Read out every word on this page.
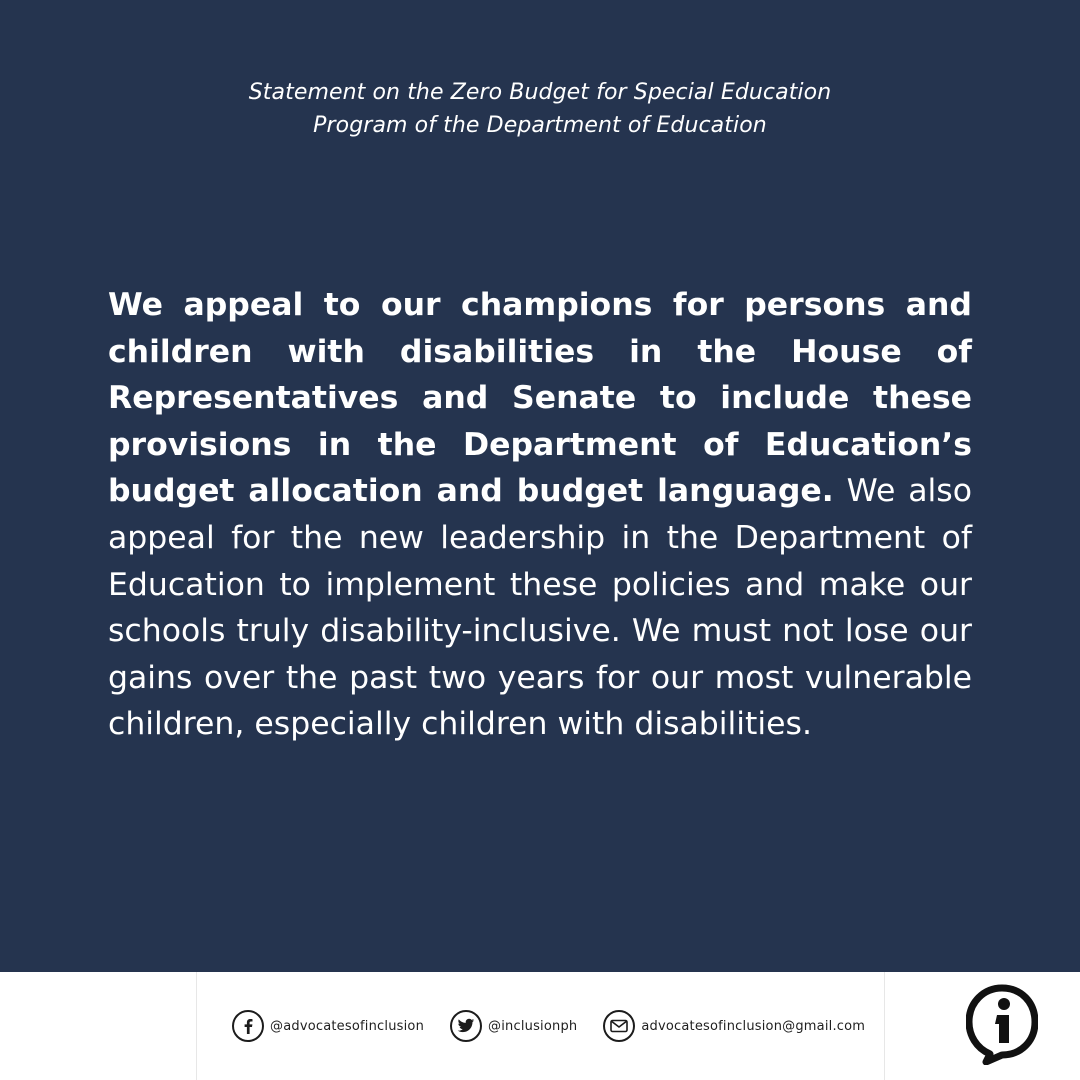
Statement on the Zero Budget for Special Education
Program of the Department of Education

We appeal to our champions for persons and children with disabilities in the House of Representatives and Senate to include these provisions in the Department of Education’s budget allocation and budget language. We also appeal for the new leadership in the Department of Education to implement these policies and make our schools truly disability-inclusive. We must not lose our gains over the past two years for our most vulnerable children, especially children with disabilities.

@advocatesofinclusion	@inclusionph	advocatesofinclusion@gmail.com
